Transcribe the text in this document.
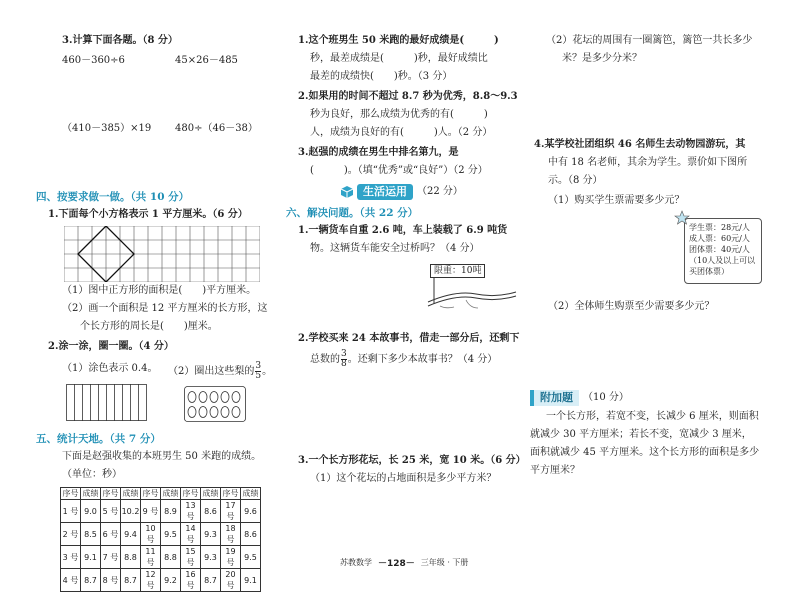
3.计算下面各题。（8 分）
460－360÷6	45×26－485
（410－385）×19 480÷（46－38）
四、按要求做一做。（共 10 分）
1.下面每个小方格表示 1 平方厘米。（6 分）
（1）图中正方形的面积是(　　)平方厘米。
（2）画一个面积是 12 平方厘米的长方形，这
个长方形的周长是(　　)厘米。
2.涂一涂，圈一圈。（4 分）
（1）涂色表示 0.4。 （2）圈出这些梨的 $\frac{3}{5}$ 。
五、统计天地。（共 7 分）
下面是赵强收集的本班男生 50 米跑的成绩。
（单位：秒）
序号	成绩	序号	成绩	序号	成绩	序号	成绩	序号	成绩
1 号	9.0	5 号	10.2	9 号	8.9	13 号	8.6	17 号	9.6
2 号	8.5	6 号	9.4	10 号	9.5	14 号	9.3	18 号	8.6
3 号	9.1	7 号	8.8	11 号	8.8	15 号	9.3	19 号	9.5
4 号	8.7	8 号	8.7	12 号	9.2	16 号	8.7	20 号	9.1
1.这个班男生 50 米跑的最好成绩是(　　　)
秒，最差成绩是(　　　)秒，最好成绩比
最差的成绩快(　　)秒。（3 分）
2.如果用的时间不超过 8.7 秒为优秀，8.8～9.3
秒为良好，那么成绩为优秀的有(　　　)
人，成绩为良好的有(　　　)人。（2 分）
3.赵强的成绩在男生中排名第九，是
(　　　)。（填“优秀”或“良好”）（2 分）
生活运用	（22 分）
六、解决问题。（共 22 分）
1.一辆货车自重 2.6 吨，车上装载了 6.9 吨货
物。这辆货车能安全过桥吗？（4 分）
限重：10吨
2.学校买来 24 本故事书，借走一部分后，还剩下
总数的 $\frac{3}{8}$ 。还剩下多少本故事书？（4 分）
3.一个长方形花坛，长 25 米，宽 10 米。（6 分）
（1）这个花坛的占地面积是多少平方米？
（2）花坛的周围有一圈篱笆，篱笆一共长多少
米？是多少分米？
4.某学校社团组织 46 名师生去动物园游玩，其
中有 18 名老师，其余为学生。票价如下图所
示。（8 分）
（1）购买学生票需要多少元？
学生票：28元/人
成人票：60元/人
团体票：40元/人
（10人及以上可以
买团体票）
（2）全体师生购票至少需要多少元？
附加题	（10 分）
一个长方形，若宽不变，长减少 6 厘米，则面积
就减少 30 平方厘米；若长不变，宽减少 3 厘米，
面积就减少 45 平方厘米。这个长方形的面积是多少
平方厘米？
苏教数学 －128－ 三年级 · 下册
